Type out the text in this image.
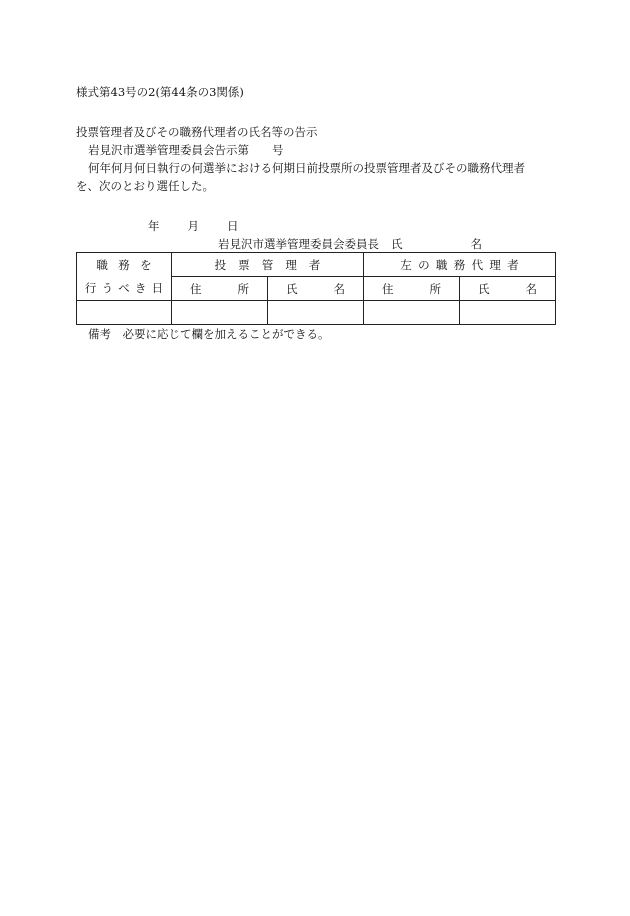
様式第43号の2(第44条の3関係)
投票管理者及びその職務代理者の氏名等の告示
岩見沢市選挙管理委員会告示第　　号
何年何月何日執行の何選挙における何期日前投票所の投票管理者及びその職務代理者
を、次のとおり選任した。
年 月 日
岩見沢市選挙管理委員会委員長 氏	名
職務を
行うべき日	投票管理者		左の職務代理者	

	住 所	氏 名	住 所	氏 名

備考　必要に応じて欄を加えることができる。
